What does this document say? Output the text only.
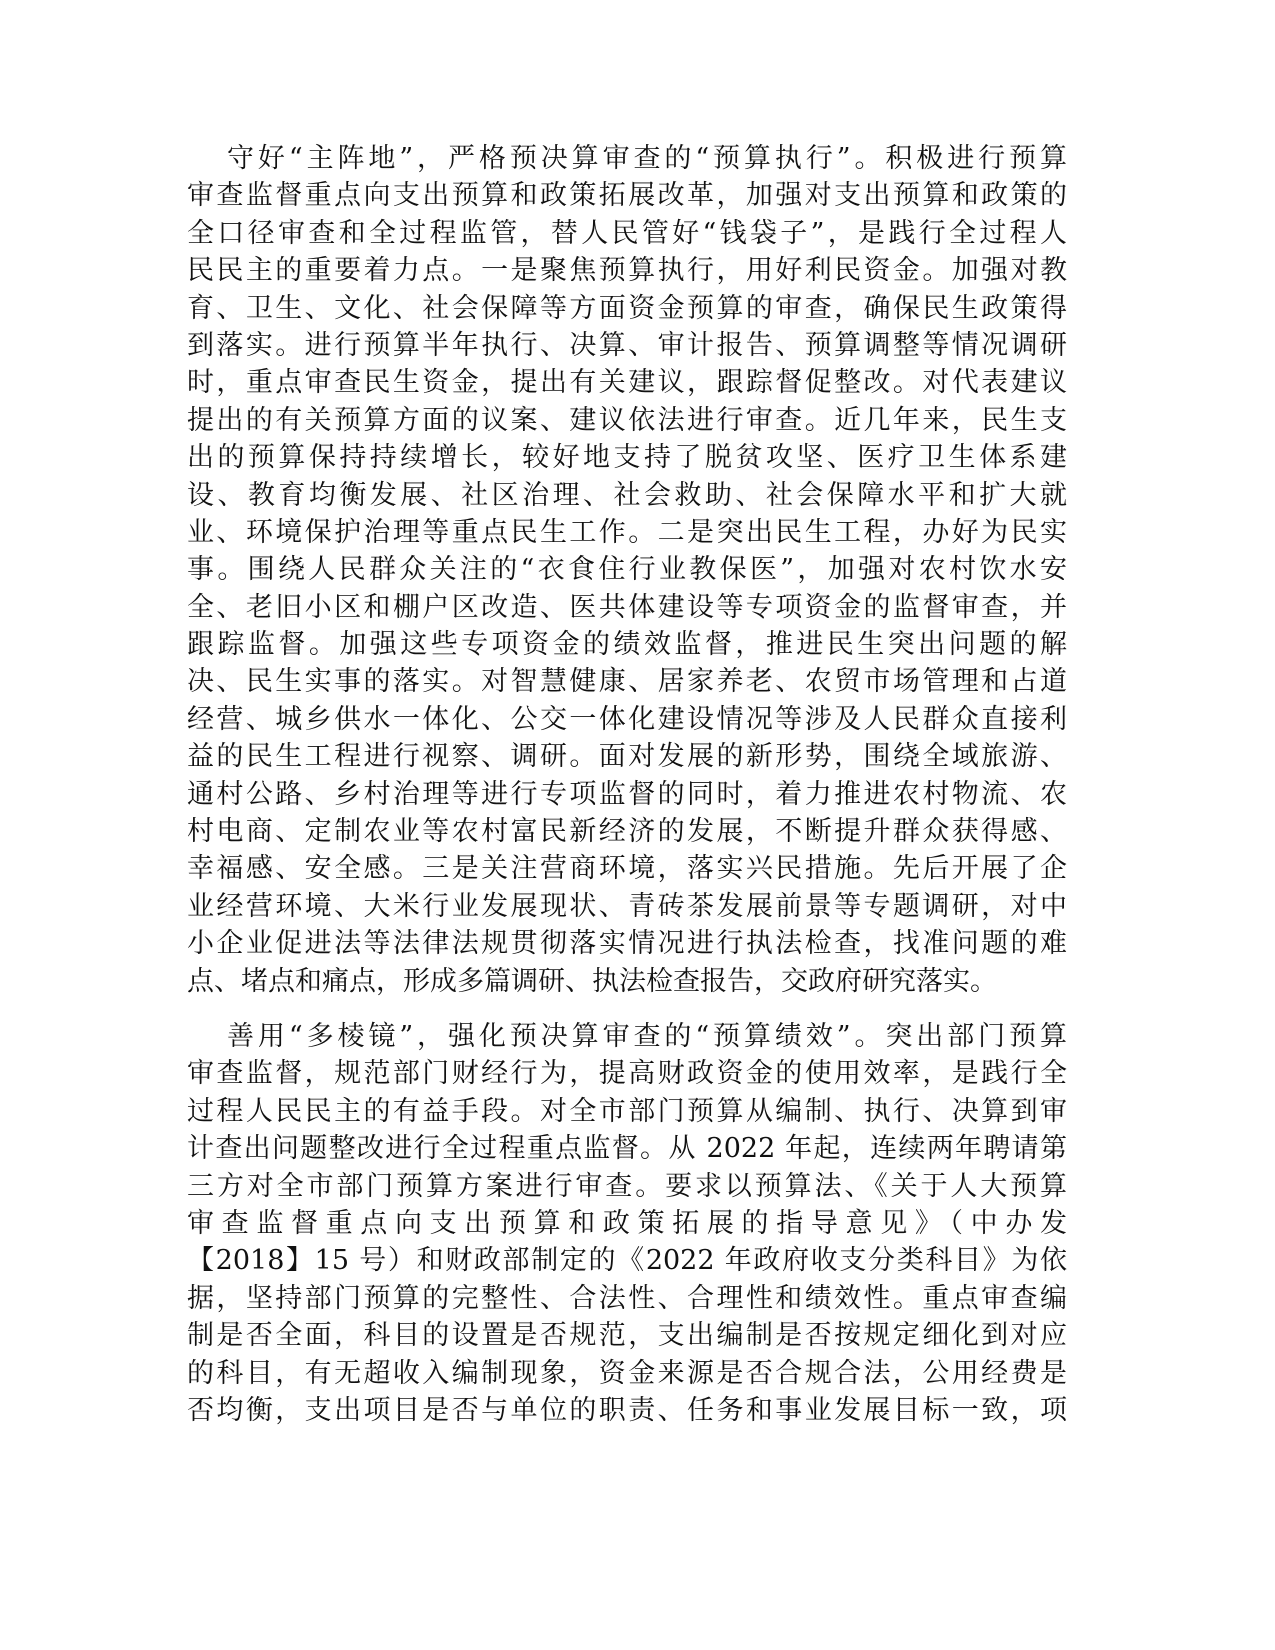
守好“主阵地”，严格预决算审查的“预算执行”。积极进行预算
审查监督重点向支出预算和政策拓展改革，加强对支出预算和政策的
全口径审查和全过程监管，替人民管好“钱袋子”，是践行全过程人
民民主的重要着力点。一是聚焦预算执行，用好利民资金。加强对教
育、卫生、文化、社会保障等方面资金预算的审查，确保民生政策得
到落实。进行预算半年执行、决算、审计报告、预算调整等情况调研
时，重点审查民生资金，提出有关建议，跟踪督促整改。对代表建议
提出的有关预算方面的议案、建议依法进行审查。近几年来，民生支
出的预算保持持续增长，较好地支持了脱贫攻坚、医疗卫生体系建
设、教育均衡发展、社区治理、社会救助、社会保障水平和扩大就
业、环境保护治理等重点民生工作。二是突出民生工程，办好为民实
事。围绕人民群众关注的“衣食住行业教保医”，加强对农村饮水安
全、老旧小区和棚户区改造、医共体建设等专项资金的监督审查，并
跟踪监督。加强这些专项资金的绩效监督，推进民生突出问题的解
决、民生实事的落实。对智慧健康、居家养老、农贸市场管理和占道
经营、城乡供水一体化、公交一体化建设情况等涉及人民群众直接利
益的民生工程进行视察、调研。面对发展的新形势，围绕全域旅游、
通村公路、乡村治理等进行专项监督的同时，着力推进农村物流、农
村电商、定制农业等农村富民新经济的发展，不断提升群众获得感、
幸福感、安全感。三是关注营商环境，落实兴民措施。先后开展了企
业经营环境、大米行业发展现状、青砖茶发展前景等专题调研，对中
小企业促进法等法律法规贯彻落实情况进行执法检查，找准问题的难
点、堵点和痛点，形成多篇调研、执法检查报告，交政府研究落实。
善用“多棱镜”，强化预决算审查的“预算绩效”。突出部门预算
审查监督，规范部门财经行为，提高财政资金的使用效率，是践行全
过程人民民主的有益手段。对全市部门预算从编制、执行、决算到审
计查出问题整改进行全过程重点监督。从 2022 年起，连续两年聘请第
三方对全市部门预算方案进行审查。要求以预算法、《关于人大预算
审查监督重点向支出预算和政策拓展的指导意见》（中办发
【2018】15 号）和财政部制定的《2022 年政府收支分类科目》为依
据，坚持部门预算的完整性、合法性、合理性和绩效性。重点审查编
制是否全面，科目的设置是否规范，支出编制是否按规定细化到对应
的科目，有无超收入编制现象，资金来源是否合规合法，公用经费是
否均衡，支出项目是否与单位的职责、任务和事业发展目标一致，项
